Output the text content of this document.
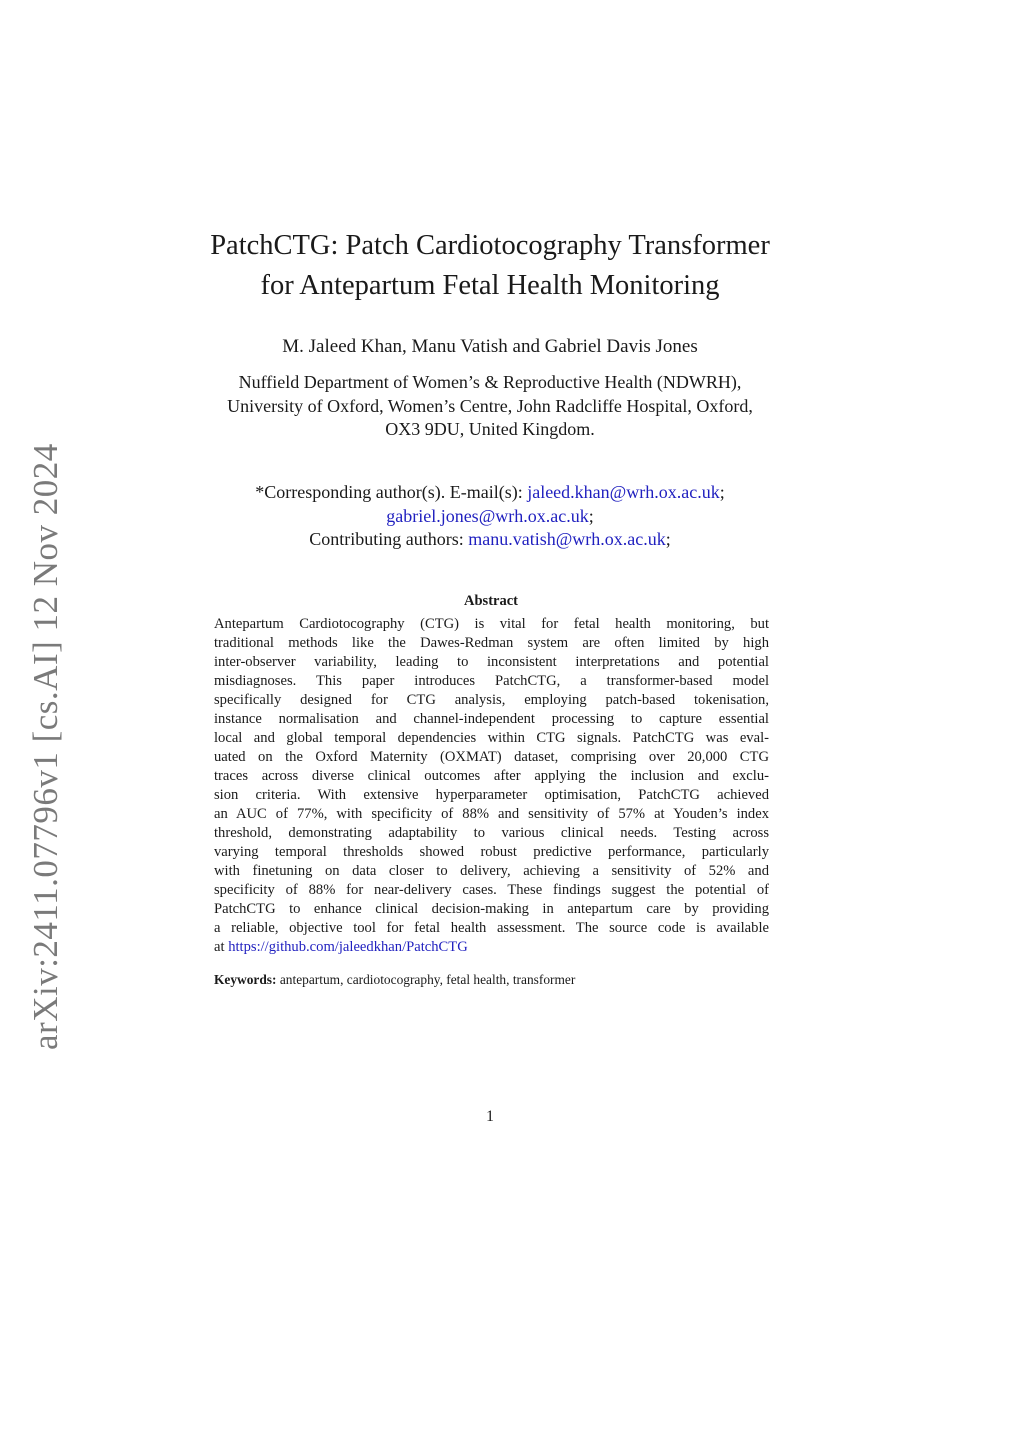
arXiv:2411.07796v1 [cs.AI] 12 Nov 2024
PatchCTG: Patch Cardiotocography Transformer
for Antepartum Fetal Health Monitoring
M. Jaleed Khan, Manu Vatish and Gabriel Davis Jones
Nuffield Department of Women’s & Reproductive Health (NDWRH),
University of Oxford, Women’s Centre, John Radcliffe Hospital, Oxford,
OX3 9DU, United Kingdom.
*Corresponding author(s). E-mail(s): jaleed.khan@wrh.ox.ac.uk;
gabriel.jones@wrh.ox.ac.uk;
Contributing authors: manu.vatish@wrh.ox.ac.uk;
Abstract
Antepartum Cardiotocography (CTG) is vital for fetal health monitoring, but
traditional methods like the Dawes-Redman system are often limited by high
inter-observer variability, leading to inconsistent interpretations and potential
misdiagnoses. This paper introduces PatchCTG, a transformer-based model
specifically designed for CTG analysis, employing patch-based tokenisation,
instance normalisation and channel-independent processing to capture essential
local and global temporal dependencies within CTG signals. PatchCTG was eval-
uated on the Oxford Maternity (OXMAT) dataset, comprising over 20,000 CTG
traces across diverse clinical outcomes after applying the inclusion and exclu-
sion criteria. With extensive hyperparameter optimisation, PatchCTG achieved
an AUC of 77%, with specificity of 88% and sensitivity of 57% at Youden’s index
threshold, demonstrating adaptability to various clinical needs. Testing across
varying temporal thresholds showed robust predictive performance, particularly
with finetuning on data closer to delivery, achieving a sensitivity of 52% and
specificity of 88% for near-delivery cases. These findings suggest the potential of
PatchCTG to enhance clinical decision-making in antepartum care by providing
a reliable, objective tool for fetal health assessment. The source code is available
at https://github.com/jaleedkhan/PatchCTG
Keywords: antepartum, cardiotocography, fetal health, transformer
1
